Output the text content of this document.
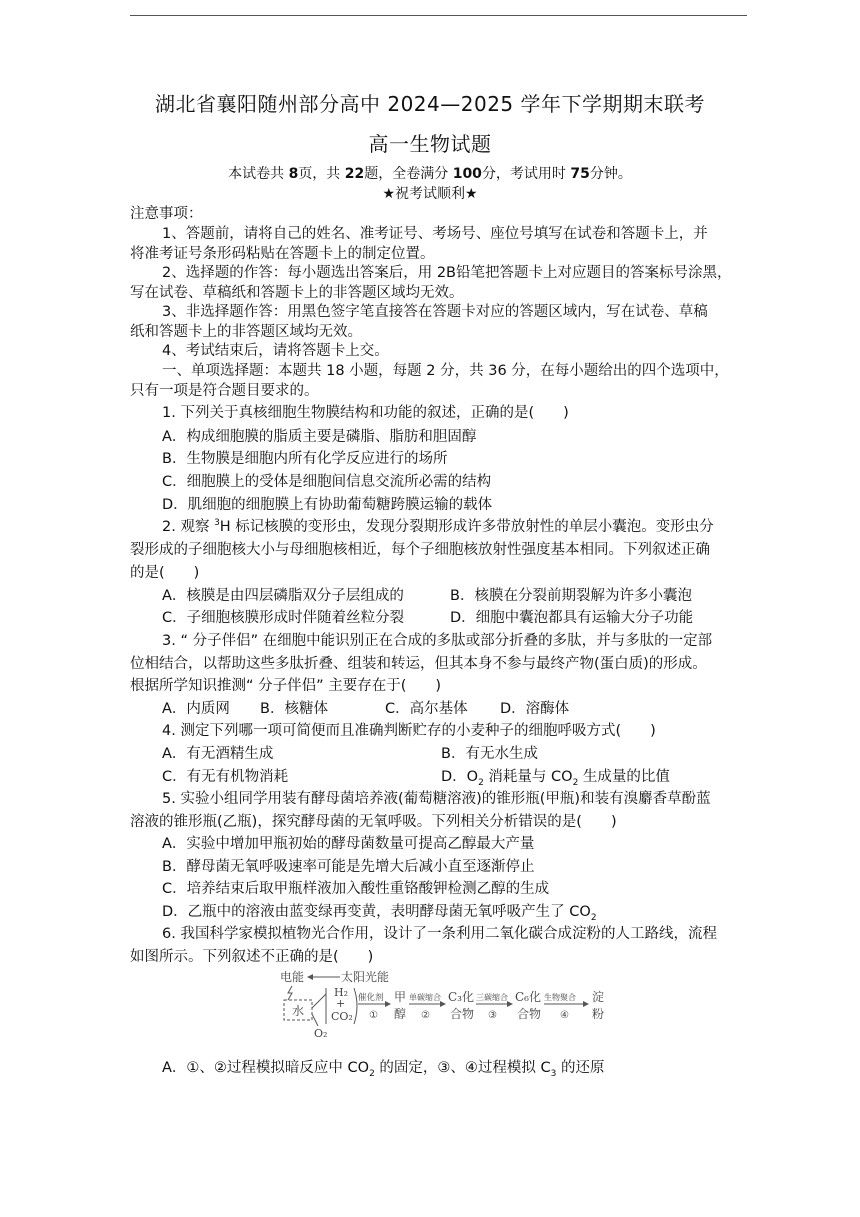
湖北省襄阳随州部分高中 2024—2025 学年下学期期末联考
高一生物试题
本试卷共 8页，共 22题，全卷满分 100分，考试用时 75分钟。
★祝考试顺利★
注意事项：
1、答题前，请将自己的姓名、准考证号、考场号、座位号填写在试卷和答题卡上，并
将准考证号条形码粘贴在答题卡上的制定位置。
2、选择题的作答：每小题选出答案后，用 2B铅笔把答题卡上对应题目的答案标号涂黑，
写在试卷、草稿纸和答题卡上的非答题区域均无效。
3、非选择题作答：用黑色签字笔直接答在答题卡对应的答题区域内，写在试卷、草稿
纸和答题卡上的非答题区域均无效。
4、考试结束后，请将答题卡上交。
一、单项选择题：本题共 18 小题，每题 2 分，共 36 分，在每小题给出的四个选项中，
只有一项是符合题目要求的。
1. 下列关于真核细胞生物膜结构和功能的叙述，正确的是(　　)
A．构成细胞膜的脂质主要是磷脂、脂肪和胆固醇
B．生物膜是细胞内所有化学反应进行的场所
C．细胞膜上的受体是细胞间信息交流所必需的结构
D．肌细胞的细胞膜上有协助葡萄糖跨膜运输的载体
2. 观察 $^3$H 标记核膜的变形虫，发现分裂期形成许多带放射性的单层小囊泡。变形虫分
裂形成的子细胞核大小与母细胞核相近，每个子细胞核放射性强度基本相同。下列叙述正确
的是(　　)
A．核膜是由四层磷脂双分子层组成的	B．核膜在分裂前期裂解为许多小囊泡
C．子细胞核膜形成时伴随着丝粒分裂	D．细胞中囊泡都具有运输大分子功能
3. “ 分子伴侣” 在细胞中能识别正在合成的多肽或部分折叠的多肽，并与多肽的一定部
位相结合，以帮助这些多肽折叠、组装和转运，但其本身不参与最终产物(蛋白质)的形成。
根据所学知识推测“ 分子伴侣” 主要存在于(　　)
A．内质网 B．核糖体	C．高尔基体 D．溶酶体
4. 测定下列哪一项可简便而且准确判断贮存的小麦种子的细胞呼吸方式(　　)
A．有无酒精生成	B．有无水生成
C．有无有机物消耗	D．$O_2$ 消耗量与 $CO_2$ 生成量的比值
5. 实验小组同学用装有酵母菌培养液(葡萄糖溶液)的锥形瓶(甲瓶)和装有溴麝香草酚蓝
溶液的锥形瓶(乙瓶)，探究酵母菌的无氧呼吸。下列相关分析错误的是(　　)
A．实验中增加甲瓶初始的酵母菌数量可提高乙醇最大产量
B．酵母菌无氧呼吸速率可能是先增大后减小直至逐渐停止
C．培养结束后取甲瓶样液加入酸性重铬酸钾检测乙醇的生成
D．乙瓶中的溶液由蓝变绿再变黄，表明酵母菌无氧呼吸产生了 $CO_2$
6. 我国科学家模拟植物光合作用，设计了一条利用二氧化碳合成淀粉的人工路线，流程
如图所示。下列叙述不正确的是(　　)
电能	太阳光能
水
H₂
+
CO₂
O₂
催化剂
①
甲
醇
单碳缩合
②
C₃化
合物
三碳缩合
③
C₆化
合物
生物聚合
④
淀
粉
A．①、②过程模拟暗反应中 $CO_2$ 的固定，③、④过程模拟 $C_3$ 的还原
